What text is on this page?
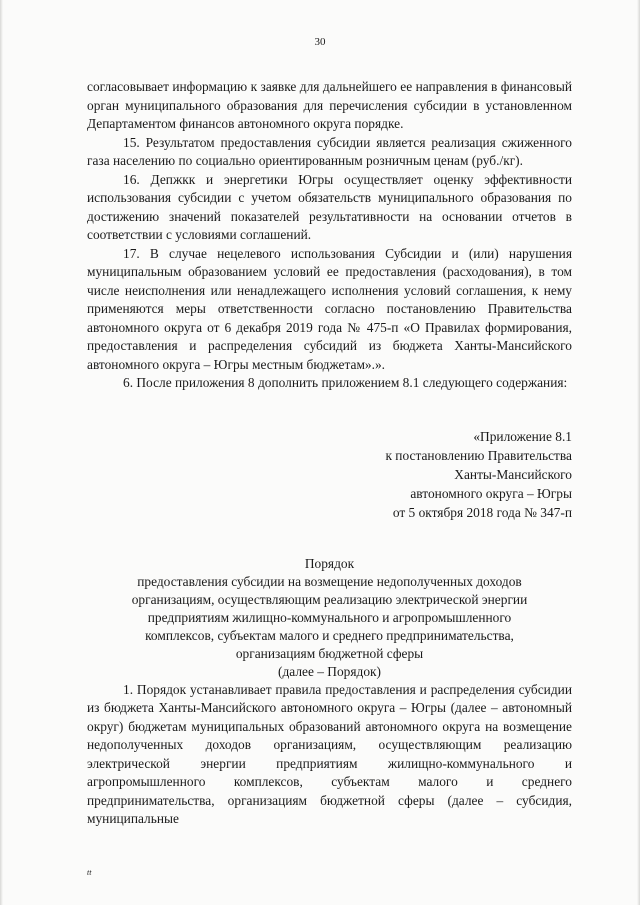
30

согласовывает информацию к заявке для дальнейшего ее направления в финансовый орган муниципального образования для перечисления субсидии в установленном Департаментом финансов автономного округа порядке.

15. Результатом предоставления субсидии является реализация сжиженного газа населению по социально ориентированным розничным ценам (руб./кг).

16. Депжкк и энергетики Югры осуществляет оценку эффективности использования субсидии с учетом обязательств муниципального образования по достижению значений показателей результативности на основании отчетов в соответствии с условиями соглашений.

17. В случае нецелевого использования Субсидии и (или) нарушения муниципальным образованием условий ее предоставления (расходования), в том числе неисполнения или ненадлежащего исполнения условий соглашения, к нему применяются меры ответственности согласно постановлению Правительства автономного округа от 6 декабря 2019 года № 475-п «О Правилах формирования, предоставления и распределения субсидий из бюджета Ханты-Мансийского автономного округа – Югры местным бюджетам».».

6. После приложения 8 дополнить приложением 8.1 следующего содержания:

«Приложение 8.1
к постановлению Правительства
Ханты-Мансийского
автономного округа – Югры
от 5 октября 2018 года № 347-п
Порядок
предоставления субсидии на возмещение недополученных доходов
организациям, осуществляющим реализацию электрической энергии
предприятиям жилищно-коммунального и агропромышленного
комплексов, субъектам малого и среднего предпринимательства,
организациям бюджетной сферы
(далее – Порядок)

1. Порядок устанавливает правила предоставления и распределения субсидии из бюджета Ханты-Мансийского автономного округа – Югры (далее – автономный округ) бюджетам муниципальных образований автономного округа на возмещение недополученных доходов организациям, осуществляющим реализацию электрической энергии предприятиям жилищно-коммунального и агропромышленного комплексов, субъектам малого и среднего предпринимательства, организациям бюджетной сферы (далее – субсидия, муниципальные

tt
